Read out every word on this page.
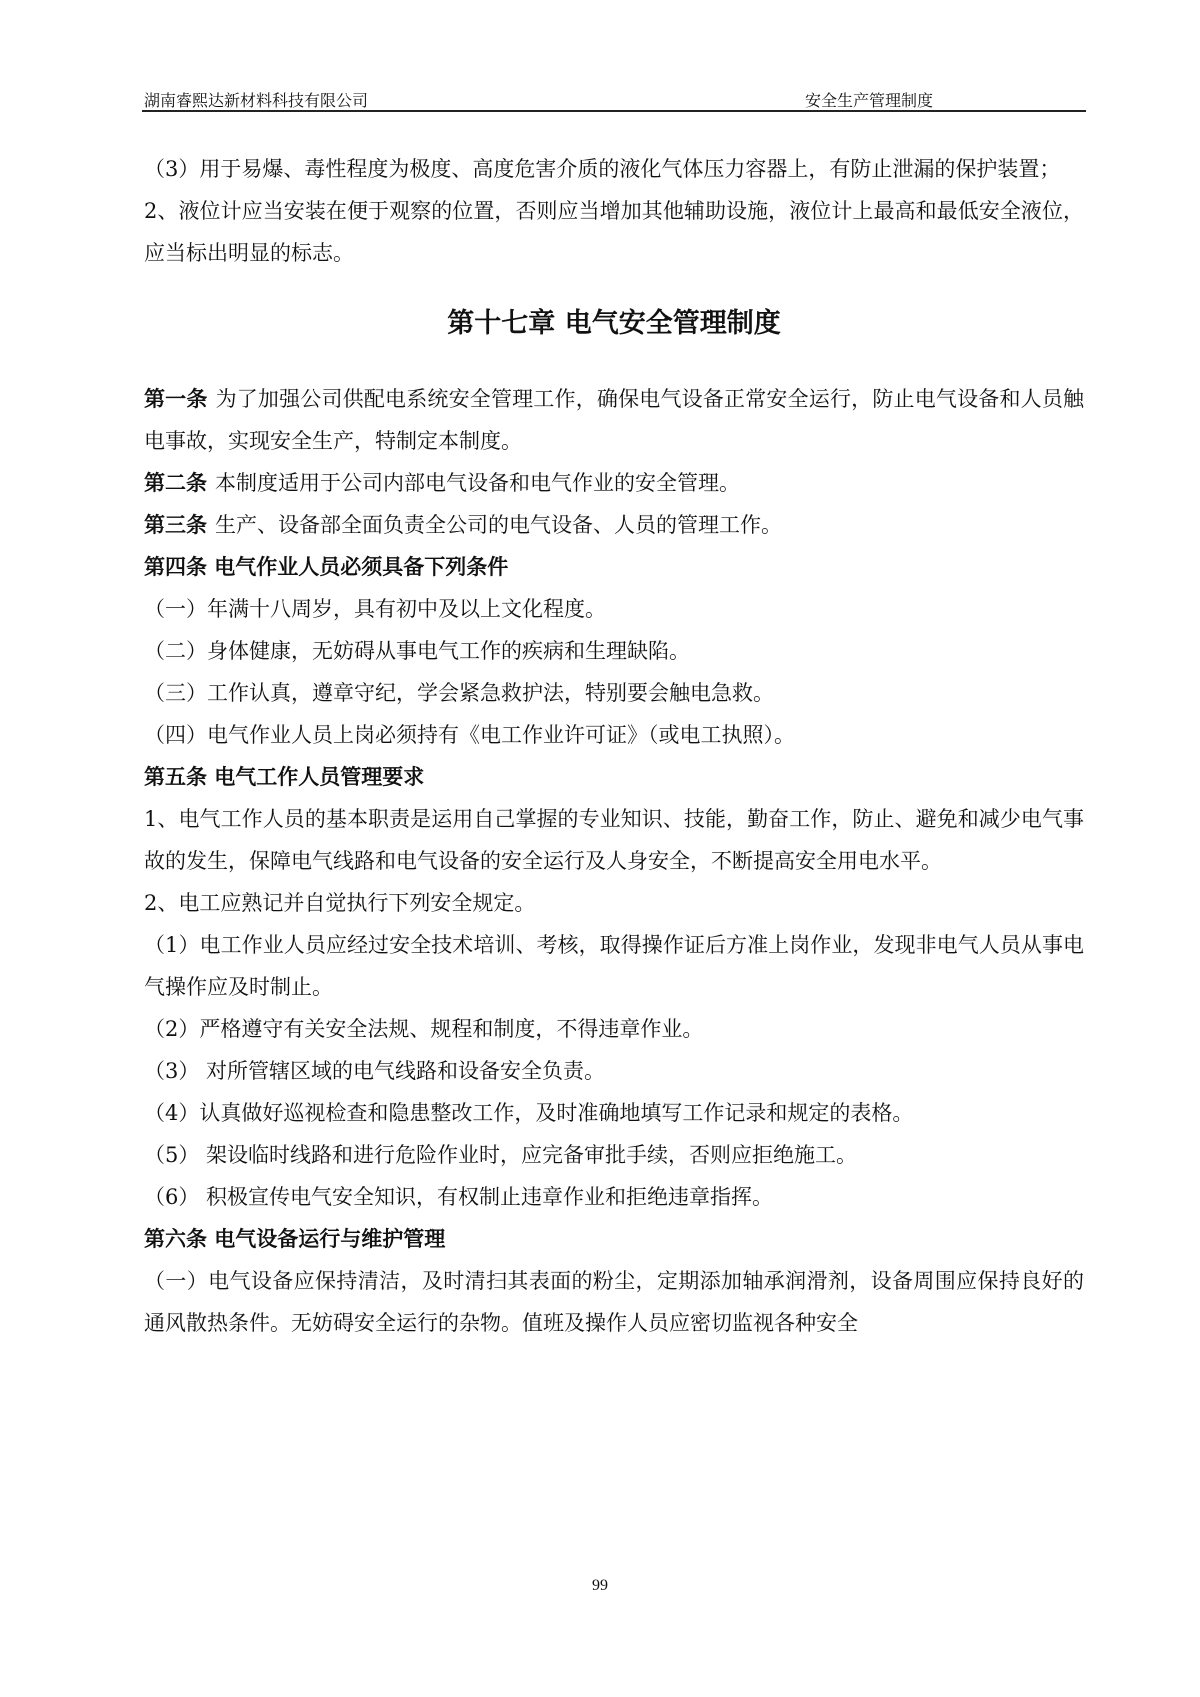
湖南睿熙达新材料科技有限公司	安全生产管理制度

（3）用于易爆、毒性程度为极度、高度危害介质的液化气体压力容器上，有防止泄漏的保护装置；

2、液位计应当安装在便于观察的位置，否则应当增加其他辅助设施，液位计上最高和最低安全液位，应当标出明显的标志。

第十七章 电气安全管理制度

第一条 为了加强公司供配电系统安全管理工作，确保电气设备正常安全运行，防止电气设备和人员触电事故，实现安全生产，特制定本制度。

第二条 本制度适用于公司内部电气设备和电气作业的安全管理。

第三条 生产、设备部全面负责全公司的电气设备、人员的管理工作。

第四条 电气作业人员必须具备下列条件

（一）年满十八周岁，具有初中及以上文化程度。

（二）身体健康，无妨碍从事电气工作的疾病和生理缺陷。

（三）工作认真，遵章守纪，学会紧急救护法，特别要会触电急救。

（四）电气作业人员上岗必须持有《电工作业许可证》（或电工执照）。

第五条 电气工作人员管理要求

1、电气工作人员的基本职责是运用自己掌握的专业知识、技能，勤奋工作，防止、避免和减少电气事故的发生，保障电气线路和电气设备的安全运行及人身安全，不断提高安全用电水平。

2、电工应熟记并自觉执行下列安全规定。

（1）电工作业人员应经过安全技术培训、考核，取得操作证后方准上岗作业，发现非电气人员从事电气操作应及时制止。

（2）严格遵守有关安全法规、规程和制度，不得违章作业。

（3） 对所管辖区域的电气线路和设备安全负责。

（4）认真做好巡视检查和隐患整改工作，及时准确地填写工作记录和规定的表格。

（5） 架设临时线路和进行危险作业时，应完备审批手续，否则应拒绝施工。

（6） 积极宣传电气安全知识，有权制止违章作业和拒绝违章指挥。

第六条 电气设备运行与维护管理

（一）电气设备应保持清洁，及时清扫其表面的粉尘，定期添加轴承润滑剂，设备周围应保持良好的通风散热条件。无妨碍安全运行的杂物。值班及操作人员应密切监视各种安全

99
